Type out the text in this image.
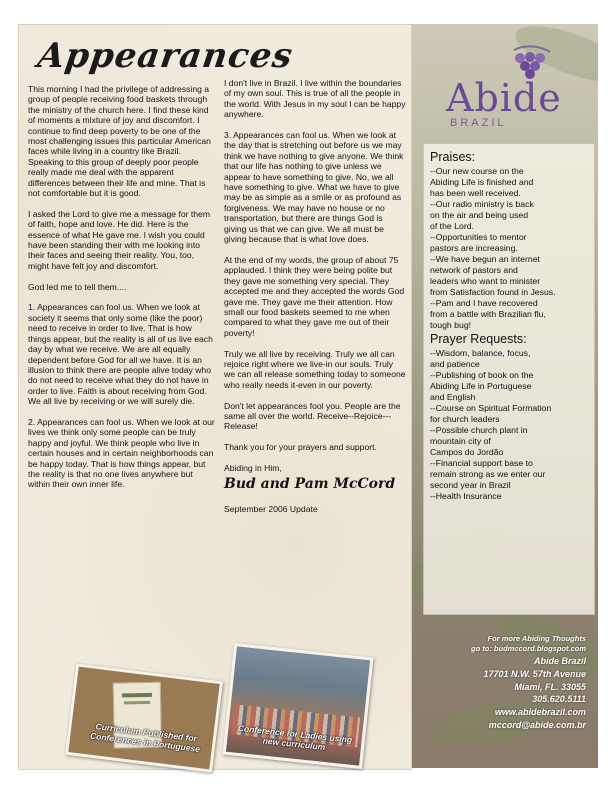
Appearances

This morning I had the privilege of addressing a group of people receiving food baskets through the ministry of the church here. I find these kind of moments a mixture of joy and discomfort. I continue to find deep poverty to be one of the most challenging issues this particular American faces while living in a country like Brazil. Speaking to this group of deeply poor people really made me deal with the apparent differences between their life and mine. That is not comfortable but it is good.

I asked the Lord to give me a message for them of faith, hope and love. He did. Here is the essence of what He gave me. I wish you could have been standing their with me looking into their faces and seeing their reality. You, too, might have felt joy and discomfort.

God led me to tell them....

1. Appearances can fool us. When we look at society it seems that only some (like the poor) need to receive in order to live. That is how things appear, but the reality is all of us live each day by what we receive. We are all equally dependent before God for all we have. It is an illusion to think there are people alive today who do not need to receive what they do not have in order to live. Faith is about receiving from God. We all live by receiving or we will surely die.

2. Appearances can fool us. When we look at our lives we think only some people can be truly happy and joyful. We think people who live in certain houses and in certain neighborhoods can be happy today. That is how things appear, but the reality is that no one lives anywhere but within their own inner life.

I don't live in Brazil. I live within the boundaries of my own soul. This is true of all the people in the world. With Jesus in my soul I can be happy anywhere.

3. Appearances can fool us. When we look at the day that is stretching out before us we may think we have nothing to give anyone. We think that our life has nothing to give unless we appear to have something to give. No, we all have something to give. What we have to give may be as simple as a smile or as profound as forgiveness. We may have no house or no transportation, but there are things God is giving us that we can give. We all must be giving because that is what love does.

At the end of my words, the group of about 75 applauded. I think they were being polite but they gave me something very special. They accepted me and they accepted the words God gave me. They gave me their attention. How small our food baskets seemed to me when compared to what they gave me out of their poverty!

Truly we all live by receiving. Truly we all can rejoice right where we live-in our souls. Truly we can all release something today to someone who really needs it-even in our poverty.

Don't let appearances fool you. People are the same all over the world. Receive--Rejoice---Release!

Thank you for your prayers and support.

Abiding in Him,

Bud and Pam McCord

September 2006 Update

Abide
BRAZIL
Praises:
--Our new course on the
Abiding Life is finished and
has been well received.
--Our radio ministry is back
on the air and being used
of the Lord.
--Opportunities to mentor
pastors are increasing.
--We have begun an internet
network of pastors and
leaders who want to minister
from Satisfaction found in Jesus.
--Pam and I have recovered
from a battle with Brazilian flu,
tough bug!
Prayer Requests:
--Wisdom, balance, focus,
and patience
--Publishing of book on the
Abiding Life in Portuguese
and English
--Course on Spiritual Formation
for church leaders
--Possible church plant in
mountain city of
Campos do Jordão
--Financial support base to
remain strong as we enter our
second year in Brazil
--Health Insurance
For more Abiding Thoughts
go to: budmccord.blogspot.com
Abide Brazil
17701 N.W. 57th Avenue
Miami, FL. 33055
305.620.5111
www.abidebrazil.com
mccord@abide.com.br
Curriculum Published for Conferences in Portuguese	Conference for Ladies using new curriculum
